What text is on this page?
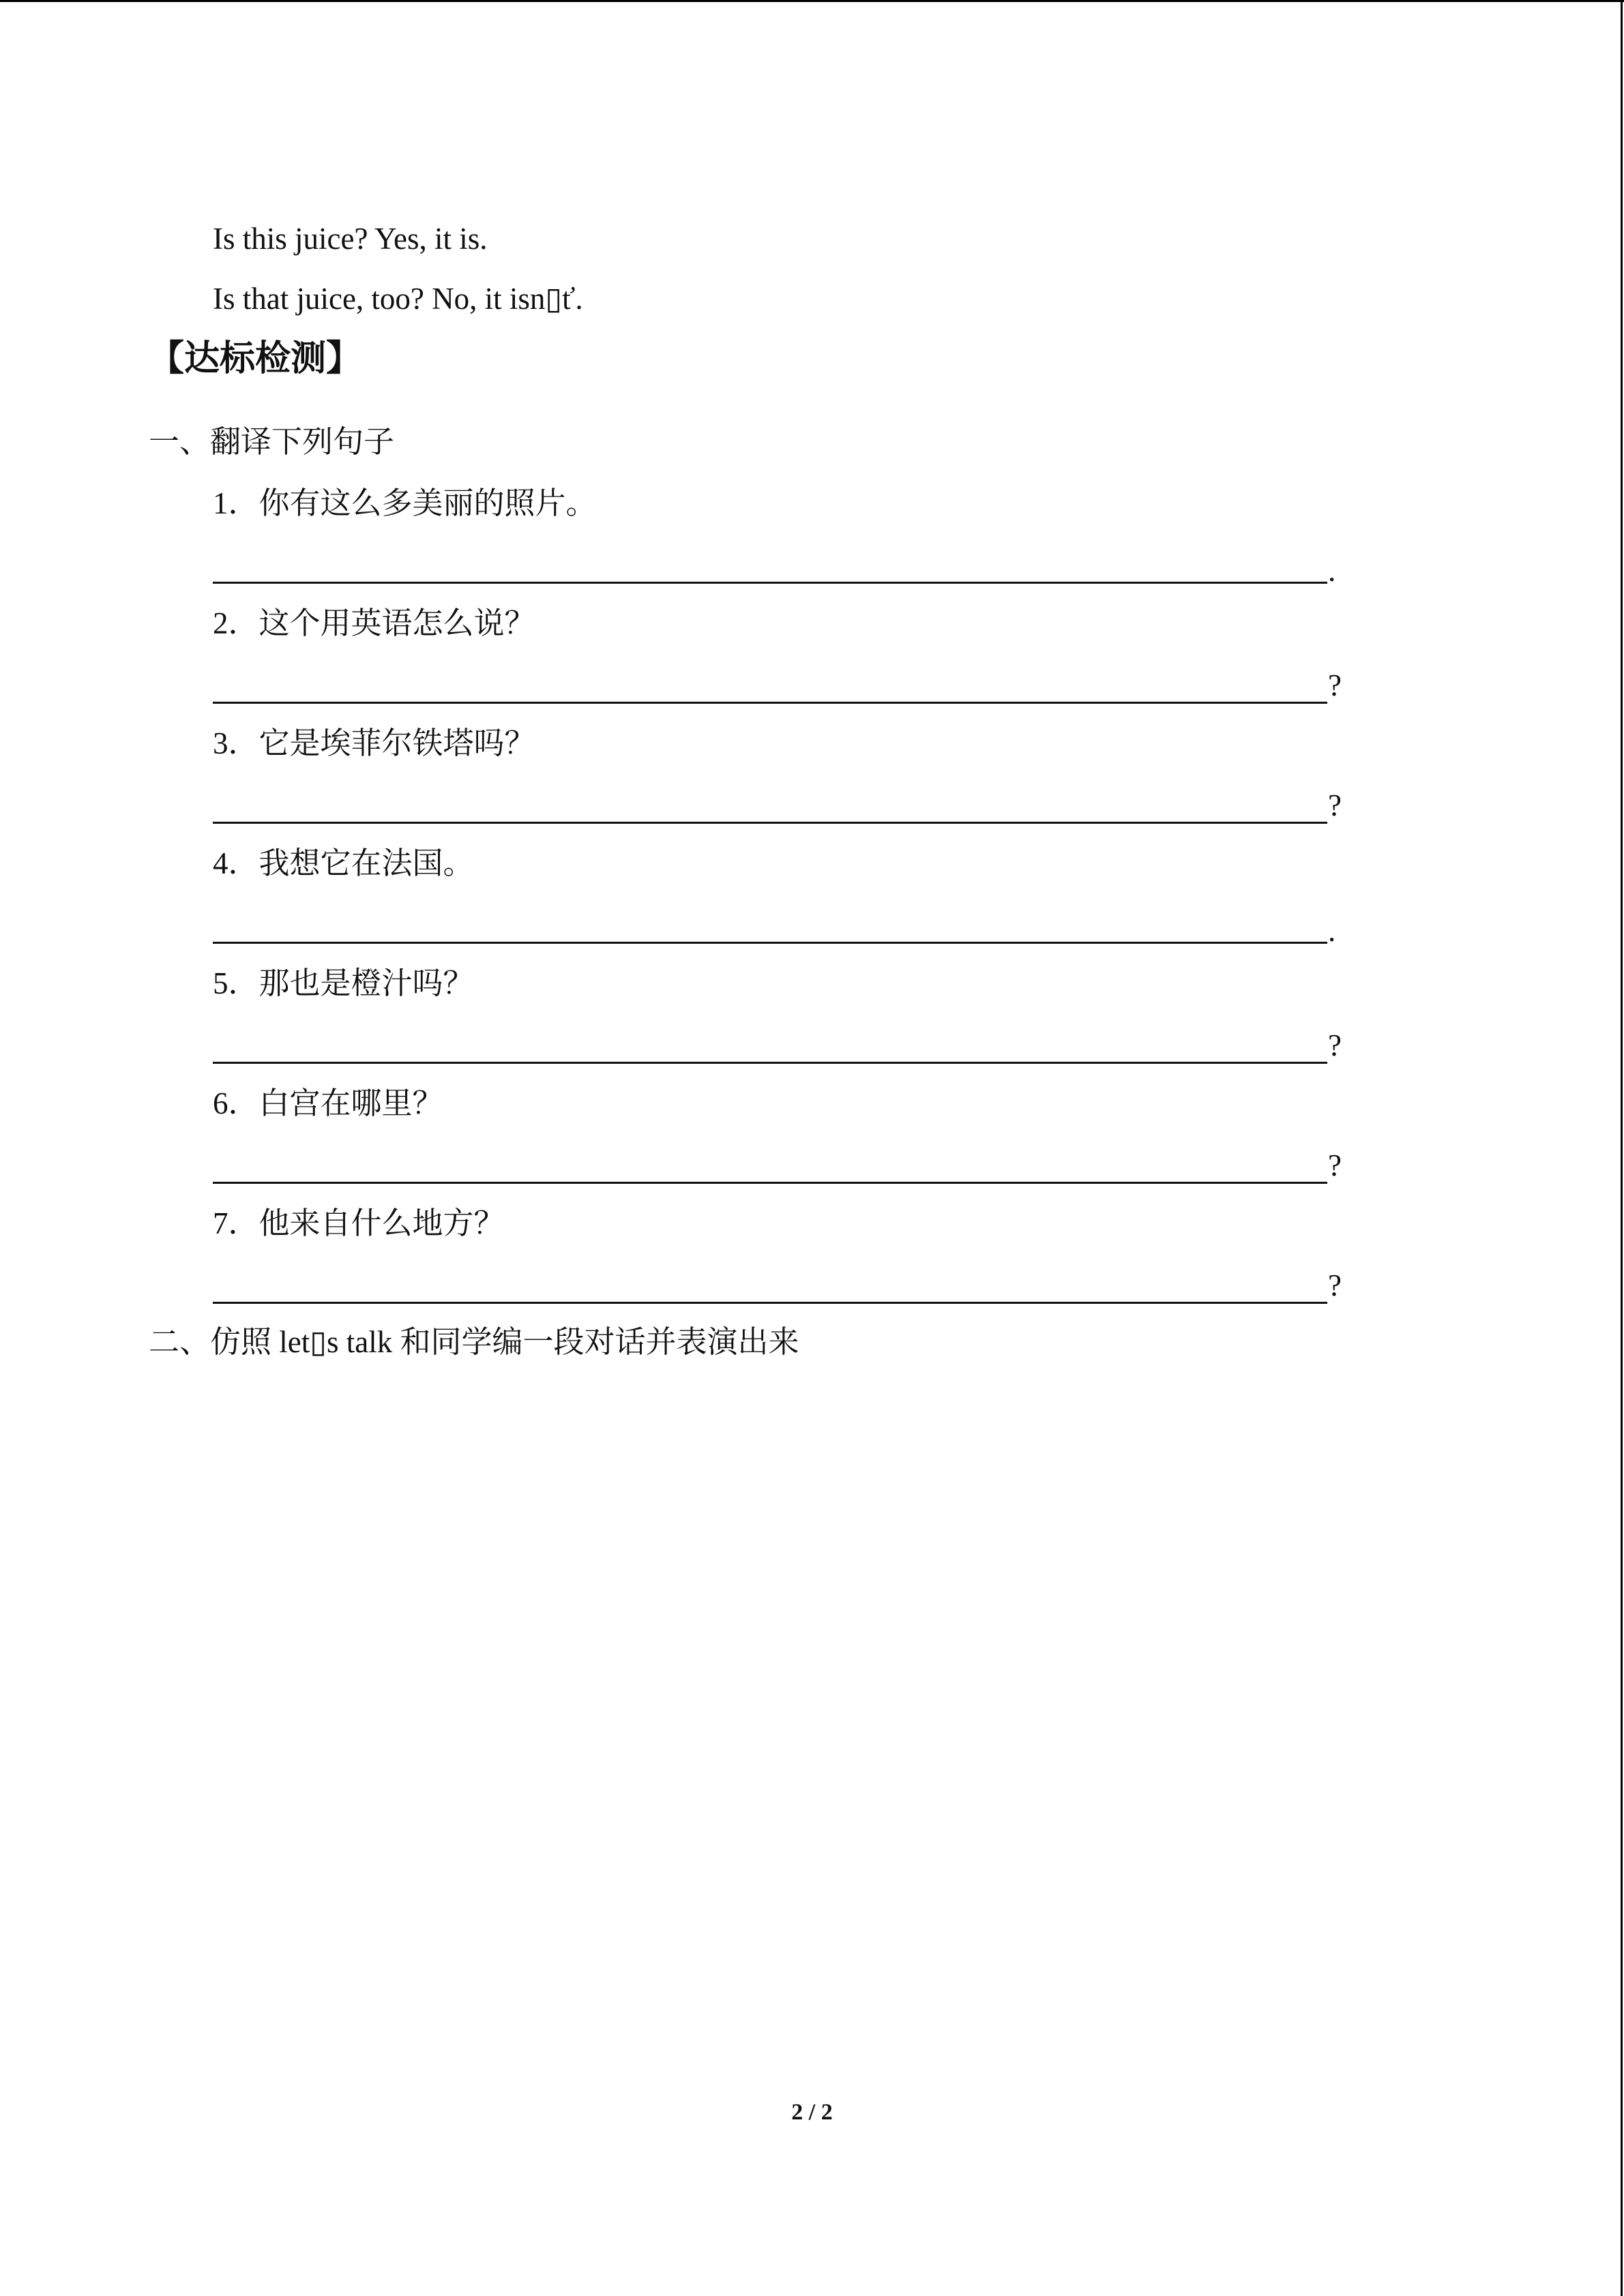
Is this juice? Yes, it is.
Is that juice, too? No, it isn▯ť.
【达标检测】
一、翻译下列句子
1．你有这么多美丽的照片。
.
2．这个用英语怎么说？
?
3．它是埃菲尔铁塔吗？
?
4．我想它在法国。
.
5．那也是橙汁吗？
?
6．白宫在哪里？
?
7．他来自什么地方？
?
二、仿照 let▯s talk 和同学编一段对话并表演出来
2 / 2
